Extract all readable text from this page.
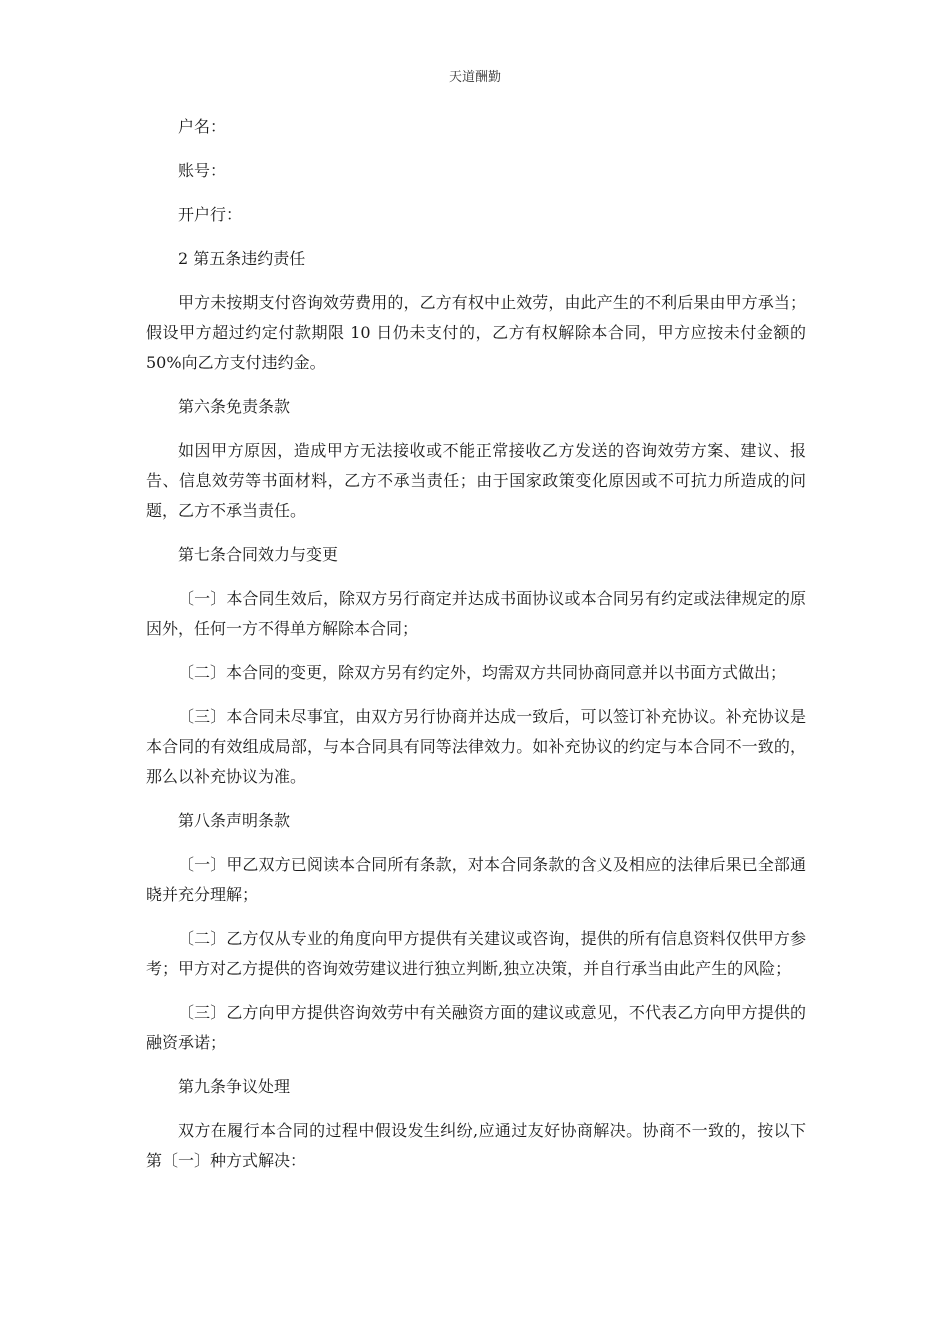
天道酬勤

户名：

账号：

开户行：

2 第五条违约责任

甲方未按期支付咨询效劳费用的，乙方有权中止效劳，由此产生的不利后果由甲方承当；假设甲方超过约定付款期限 10 日仍未支付的，乙方有权解除本合同，甲方应按未付金额的 50%向乙方支付违约金。

第六条免责条款

如因甲方原因，造成甲方无法接收或不能正常接收乙方发送的咨询效劳方案、建议、报告、信息效劳等书面材料，乙方不承当责任；由于国家政策变化原因或不可抗力所造成的问题，乙方不承当责任。

第七条合同效力与变更

〔一〕本合同生效后，除双方另行商定并达成书面协议或本合同另有约定或法律规定的原因外，任何一方不得单方解除本合同；

〔二〕本合同的变更，除双方另有约定外，均需双方共同协商同意并以书面方式做出；

〔三〕本合同未尽事宜，由双方另行协商并达成一致后，可以签订补充协议。补充协议是本合同的有效组成局部，与本合同具有同等法律效力。如补充协议的约定与本合同不一致的，那么以补充协议为准。

第八条声明条款

〔一〕甲乙双方已阅读本合同所有条款，对本合同条款的含义及相应的法律后果已全部通晓并充分理解；

〔二〕乙方仅从专业的角度向甲方提供有关建议或咨询，提供的所有信息资料仅供甲方参考；甲方对乙方提供的咨询效劳建议进行独立判断,独立决策，并自行承当由此产生的风险；

〔三〕乙方向甲方提供咨询效劳中有关融资方面的建议或意见，不代表乙方向甲方提供的融资承诺；

第九条争议处理

双方在履行本合同的过程中假设发生纠纷,应通过友好协商解决。协商不一致的，按以下第〔一〕种方式解决：
